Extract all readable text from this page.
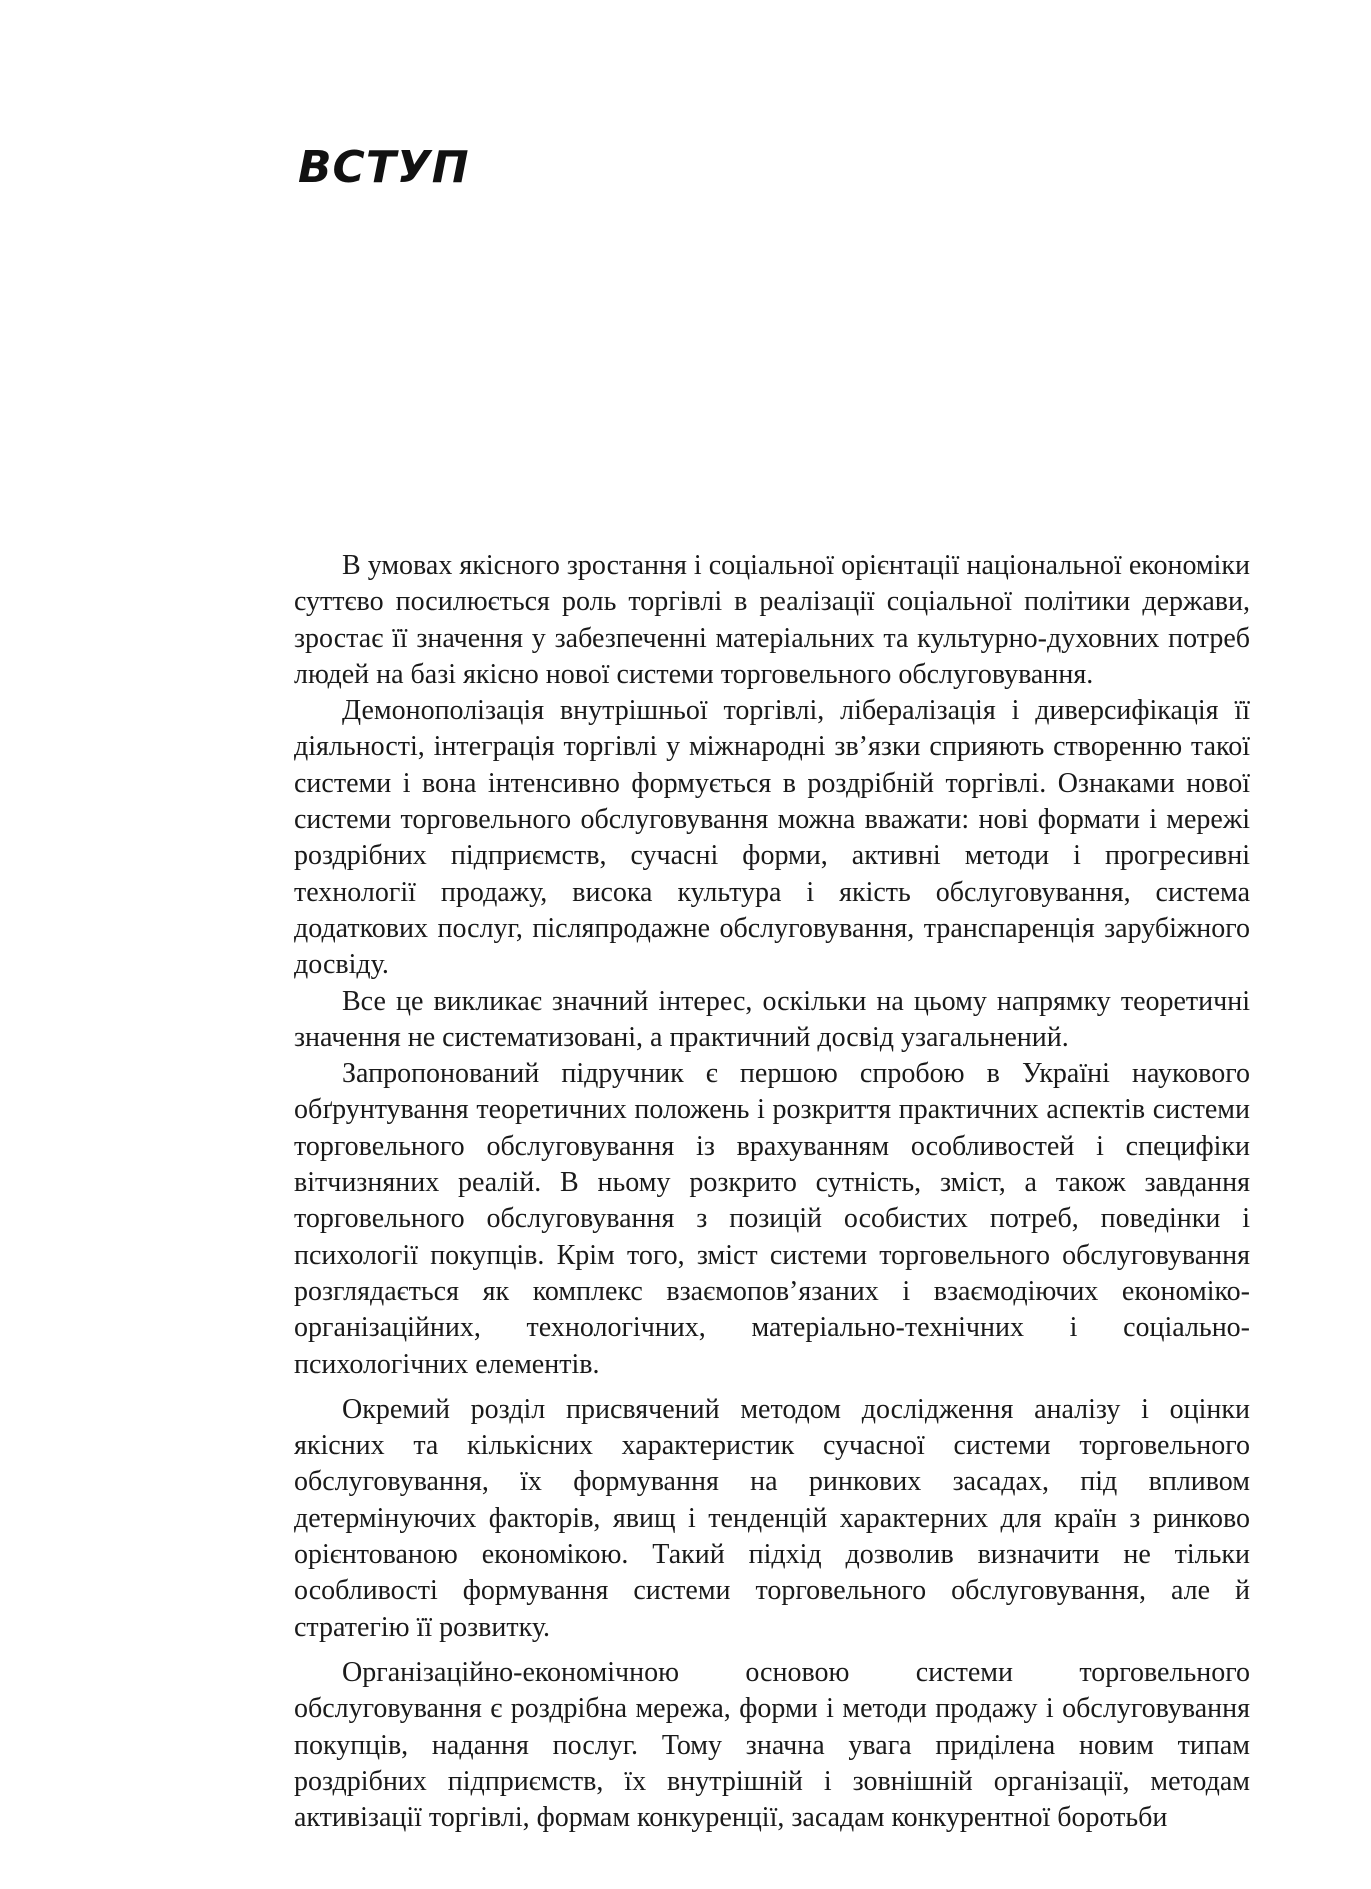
ВСТУП

В умовах якісного зростання і соціальної орієнтації національної економіки суттєво посилюється роль торгівлі в реалізації соціальної політики держави, зростає її значення у забезпеченні матеріальних та культурно-духовних потреб людей на базі якісно нової системи торговельного обслуговування.

Демонополізація внутрішньої торгівлі, лібералізація і диверсифікація її діяльності, інтеграція торгівлі у міжнародні зв’язки сприяють створенню такої системи і вона інтенсивно формується в роздрібній торгівлі. Ознаками нової системи торговельного обслуговування можна вважати: нові формати і мережі роздрібних підприємств, сучасні форми, активні методи і прогресивні технології продажу, висока культура і якість обслуговування, система додаткових послуг, післяпродажне обслуговування, транспаренція зарубіжного досвіду.

Все це викликає значний інтерес, оскільки на цьому напрямку теоретичні значення не систематизовані, а практичний досвід узагальнений.

Запропонований підручник є першою спробою в Україні наукового обґрунтування теоретичних положень і розкриття практичних аспектів системи торговельного обслуговування із врахуванням особливостей і специфіки вітчизняних реалій. В ньому розкрито сутність, зміст, а також завдання торговельного обслуговування з позицій особистих потреб, поведінки і психології покупців. Крім того, зміст системи торговельного обслуговування розглядається як комплекс взаємопов’язаних і взаємодіючих економіко-організаційних, технологічних, матеріально-технічних і соціально-психологічних елементів.

Окремий розділ присвячений методом дослідження аналізу і оцінки якісних та кількісних характеристик сучасної системи торговельного обслуговування, їх формування на ринкових засадах, під впливом детермінуючих факторів, явищ і тенденцій характерних для країн з ринково орієнтованою економікою. Такий підхід дозволив визначити не тільки особливості формування системи торговельного обслуговування, але й стратегію її розвитку.

Організаційно-економічною основою системи торговельного обслуговування є роздрібна мережа, форми і методи продажу і обслуговування покупців, надання послуг. Тому значна увага приділена новим типам роздрібних підприємств, їх внутрішній і зовнішній організації, методам активізації торгівлі, формам конкуренції, засадам конкурентної боротьби
